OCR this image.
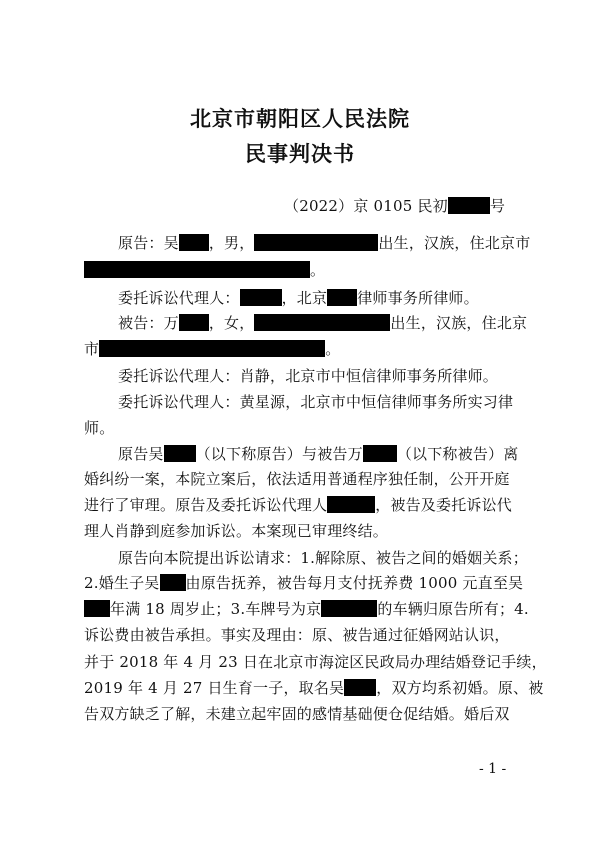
北京市朝阳区人民法院
民事判决书
（2022）京 0105 民初	号
原告：吴 ，男，	出生，汉族，住北京市
。
委托诉讼代理人：	，北京 律师事务所律师。
被告：万 ，女，	出生，汉族，住北京
市	。
委托诉讼代理人：肖静，北京市中恒信律师事务所律师。
委托诉讼代理人：黄星源，北京市中恒信律师事务所实习律
师。
原告吴 （以下称原告）与被告万 （以下称被告）离
婚纠纷一案，本院立案后，依法适用普通程序独任制，公开开庭
进行了审理。原告及委托诉讼代理人	，被告及委托诉讼代
理人肖静到庭参加诉讼。本案现已审理终结。
原告向本院提出诉讼请求：1.解除原、被告之间的婚姻关系；
2.婚生子吴 由原告抚养，被告每月支付抚养费 1000 元直至吴
年满 18 周岁止；3.车牌号为京	的车辆归原告所有；4.
诉讼费由被告承担。事实及理由：原、被告通过征婚网站认识，
并于 2018 年 4 月 23 日在北京市海淀区民政局办理结婚登记手续，
2019 年 4 月 27 日生育一子，取名吴 ，双方均系初婚。原、被
告双方缺乏了解，未建立起牢固的感情基础便仓促结婚。婚后双
- 1 -
